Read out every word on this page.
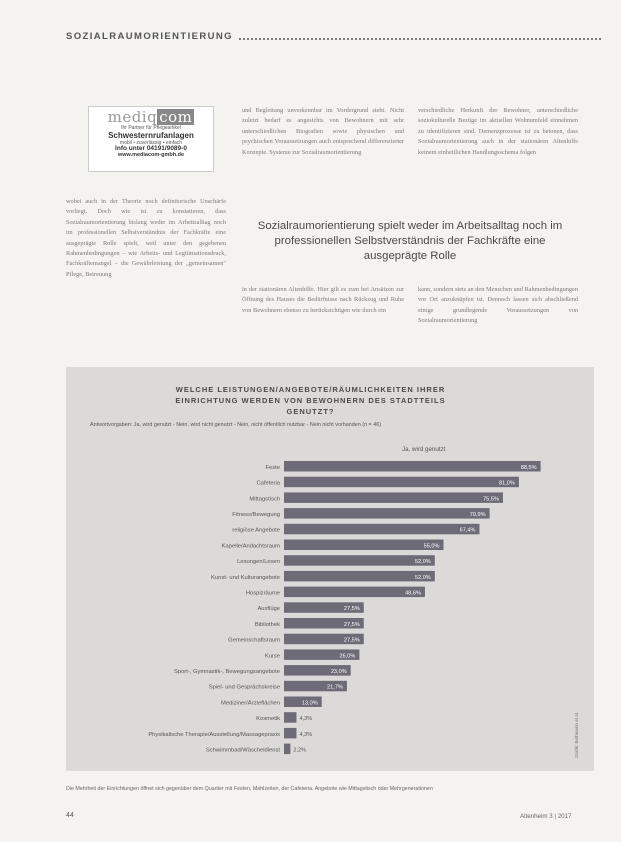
SOZIALRAUMORIENTIERUNG
mediq com
Ihr Partner für Pflegeartikel
Schwesternrufanlagen
mobil • zuverlässig • einfach
Info unter 04191/9089-0
www.mediacom-gmbh.de
wobei auch in der Theorie noch definitorische Unschärfe vorliegt. Doch wie ist zu konstatieren, dass Sozialraumorientierung bislang weder im Arbeitsalltag noch im professionellen Selbstverständnis der Fachkräfte eine ausgeprägte Rolle spielt, weil unter den gegebenen Rahmenbedingungen – wie Arbeits- und Legitimationsdruck, Fachkräftemangel – die Gewährleistung der „gemeinsamen" Pflege, Betreuung
und Begleitung unverkennbar im Vordergrund steht. Nicht zuletzt bedarf es angesichts von Bewohnern mit sehr unterschiedlichen Biografien sowie physischen und psychischen Voraussetzungen auch entsprechend differenzierter Konzepte. Systeme zur Sozialraumorientierung
verschiedliche Herkunft der Bewohner, unterschiedliche soziokulturelle Bezüge im aktuellen Wohnumfeld einnehmen zu identifizieren sind. Demenzprozesse ist zu betonen, dass Sozialraumorientierung auch in der stationären Altenhilfe keinem einheitlichen Handlungsschema folgen
Sozialraumorientierung spielt weder im Arbeitsalltag noch im professionellen Selbstverständnis der Fachkräfte eine ausgeprägte Rolle
in der stationären Altenhilfe. Hier gilt es zum bei Ansätzen zur Öffnung des Hauses die Bedürfnisse nach Rückzug und Ruhe von Bewohnern ebenso zu berücksichtigen wie durch ein
kann, sondern stets an den Menschen und Rahmenbedingungen vor Ort anzuknüpfen ist. Dennoch lassen sich abschließend einige grundlegende Voraussetzungen von Sozialraumorientierung
WELCHE LEISTUNGEN/ANGEBOTE/RÄUMLICHKEITEN IHRER EINRICHTUNG WERDEN VON BEWOHNERN DES STADTTEILS GENUTZT?
Antwortvorgaben: Ja, wird genutzt - Nein, wird nicht genutzt - Nein, nicht öffentlich nutzbar - Nein nicht vorhanden (n = 46)
Ja, wird genutzt
Feste	88,5%
Cafeteria	81,0%
Mittagstisch	75,5%
Fitness/Bewegung	70,9%
religiöse Angebote	67,4%
Kapelle/Andachtsraum	55,0%
Lesungen/Lesen	52,0%
Kunst- und Kulturangebote	52,0%
Hospizräume	48,6%
Ausflüge	27,5%
Bibliothek	27,5%
Gemeinschaftsraum	27,5%
Kurse	26,0%
Sport-, Gymnastik-, Bewegungsangebote	23,0%
Spiel- und Gesprächskreise	21,7%
Mediziner/Ärzteflächen	13,0%
Kosmetik	4,3%
Physikalische Therapie/Ausstellung/Massagepraxis	4,3%
Schwimmbad/Wäscheldienst 2,2%	Grafik: Bethmann et al.
Die Mehrheit der Einrichtungen öffnet sich gegenüber dem Quartier mit Festen, Mahlzeiten, der Cafeteria. Angebote wie Mittagstisch oder Mehrgenerationen
44	Altenheim 3 | 2017
